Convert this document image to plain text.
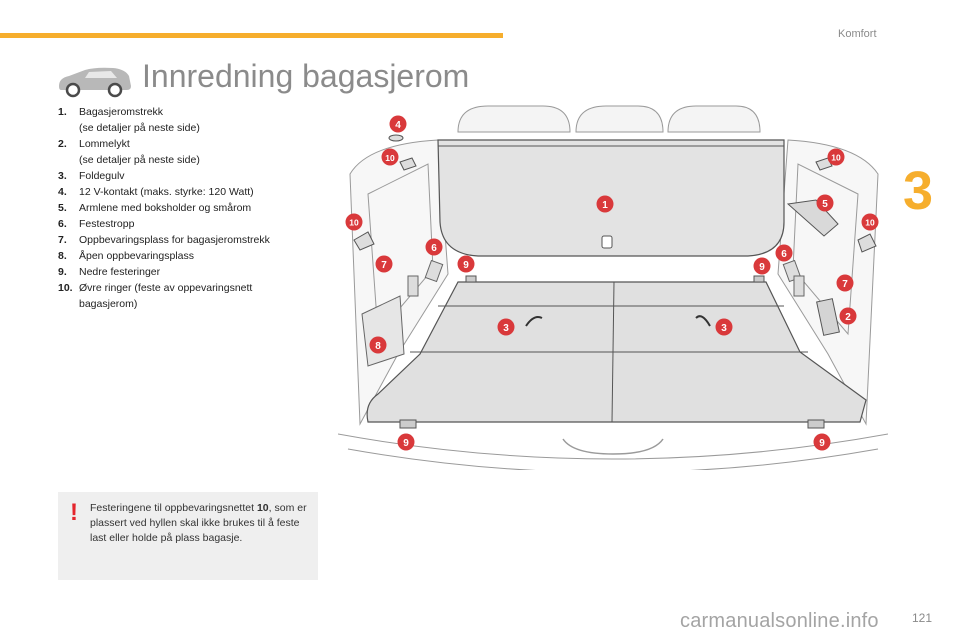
Komfort
3
Innredning bagasjerom
1.	Bagasjeromstrekk
(se detaljer på neste side)
2.	Lommelykt
(se detaljer på neste side)
3.	Foldegulv
4.	12 V-kontakt (maks. styrke: 120 Watt)
5.	Armlene med boksholder og smårom
6.	Festestropp
7.	Oppbevaringsplass for bagasjeromstrekk
8.	Åpen oppbevaringsplass
9.	Nedre festeringer
10. Øvre ringer (feste av oppevaringsnett
bagasjerom)
! Festeringene til oppbevaringsnettet 10, som er plassert ved hyllen skal ikke brukes til å feste last eller holde på plass bagasje.
1
2
3	3
4
5
6
6
7
7
8
9	9
9	9
10	10
10	10
carmanualsonline.info	121
